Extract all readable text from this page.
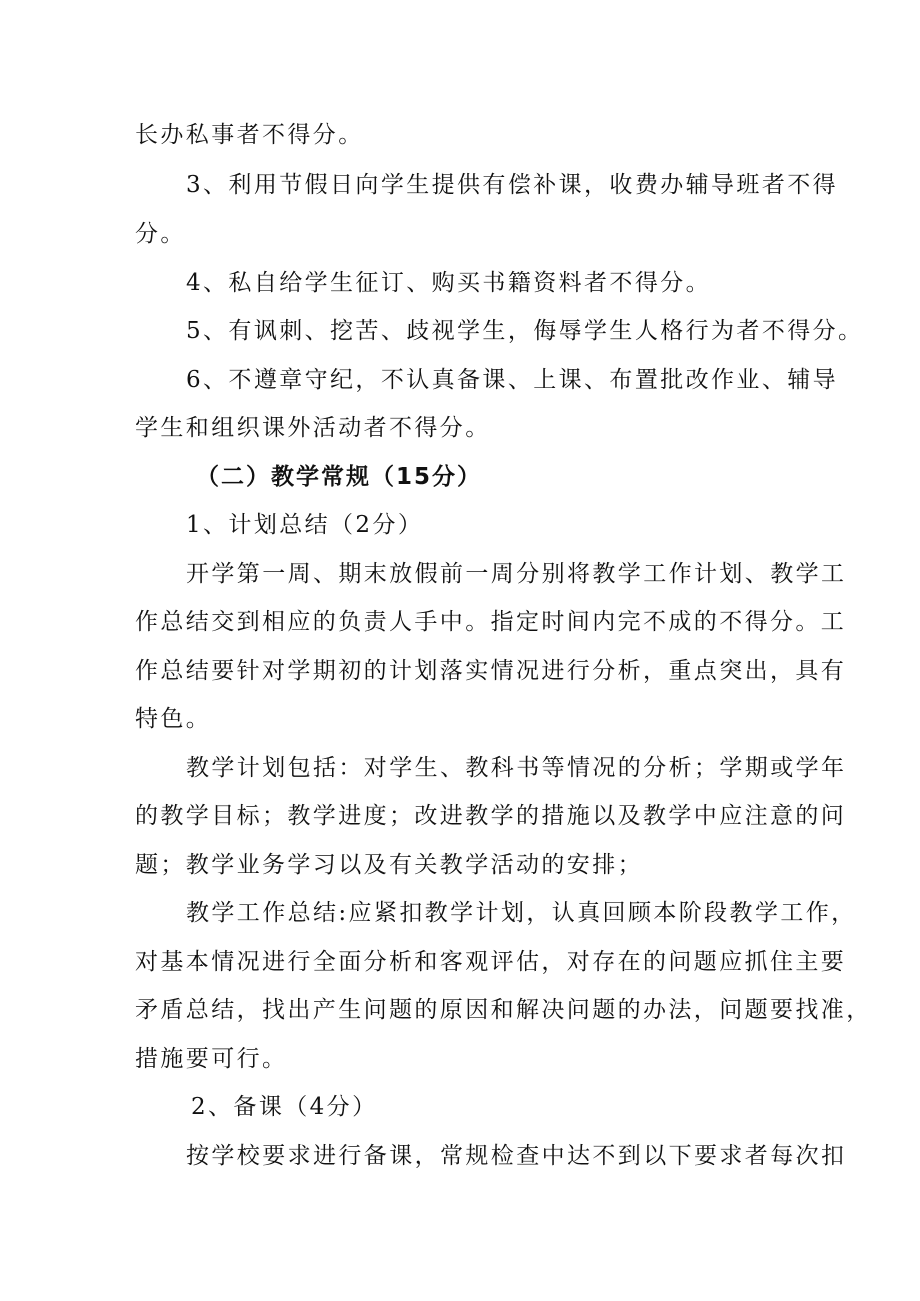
长办私事者不得分。
3、利用节假日向学生提供有偿补课，收费办辅导班者不得
分。
4、私自给学生征订、购买书籍资料者不得分。
5、有讽刺、挖苦、歧视学生，侮辱学生人格行为者不得分。
6、不遵章守纪，不认真备课、上课、布置批改作业、辅导
学生和组织课外活动者不得分。
（二）教学常规（15分）
1、计划总结（2分）
开学第一周、期末放假前一周分别将教学工作计划、教学工
作总结交到相应的负责人手中。指定时间内完不成的不得分。工
作总结要针对学期初的计划落实情况进行分析，重点突出，具有
特色。
教学计划包括：对学生、教科书等情况的分析；学期或学年
的教学目标；教学进度；改进教学的措施以及教学中应注意的问
题；教学业务学习以及有关教学活动的安排；
教学工作总结:应紧扣教学计划，认真回顾本阶段教学工作，
对基本情况进行全面分析和客观评估，对存在的问题应抓住主要
矛盾总结，找出产生问题的原因和解决问题的办法，问题要找准，
措施要可行。
2、备课（4分）
按学校要求进行备课，常规检查中达不到以下要求者每次扣
